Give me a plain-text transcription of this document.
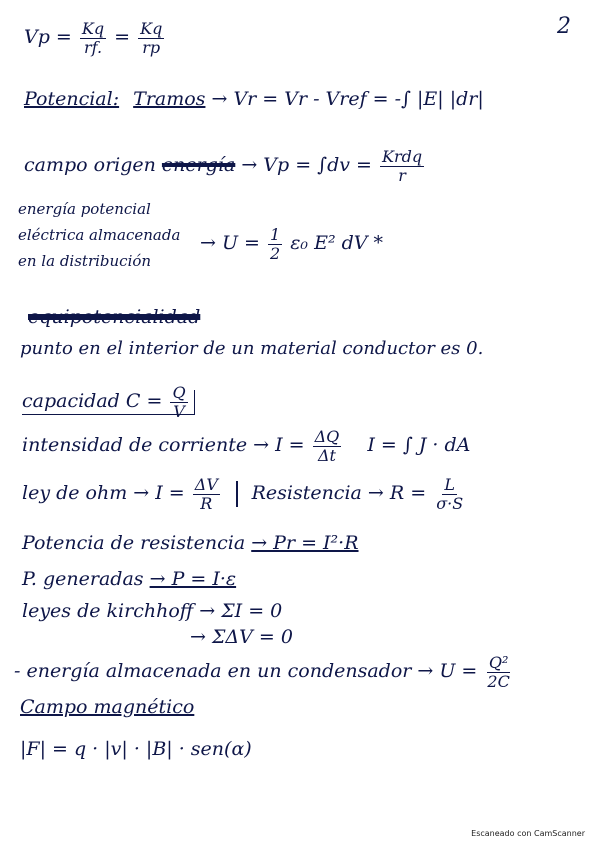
2
$Vp = \frac{Kq}{rf.} = \frac{Kq}{rp}$
Potencial: Tramos → Vr = Vr - Vref = -∫ |E| |dr|
campo origen energía → $Vp = \int dv = \frac{\text{Krdq}}{r}$
energía potencial
eléctrica almacenada
en la distribución
→ $U = \frac{1}{2} \varepsilon_0$ E² dV *
equipotencialidad
punto en el interior de un material conductor es 0.
capacidad $C = \frac{Q}{V}$
intensidad de corriente → $I = \frac{\Delta Q}{\Delta t}$ I = ∫ J · dA
ley de ohm → $I = \frac{\Delta V}{R}$ Resistencia → $R = \frac{L}{\sigma\cdot S}$
Potencia de resistencia → Pr = I²·R
P. generadas → P = I·ε
leyes de kirchhoff → ΣI = 0
→ ΣΔV = 0
- energía almacenada en un condensador → $U = \frac{\text{Q²}}{2C}$
Campo magnético
|F| = q · |v| · |B| · sen(α)
Escaneado con CamScanner
